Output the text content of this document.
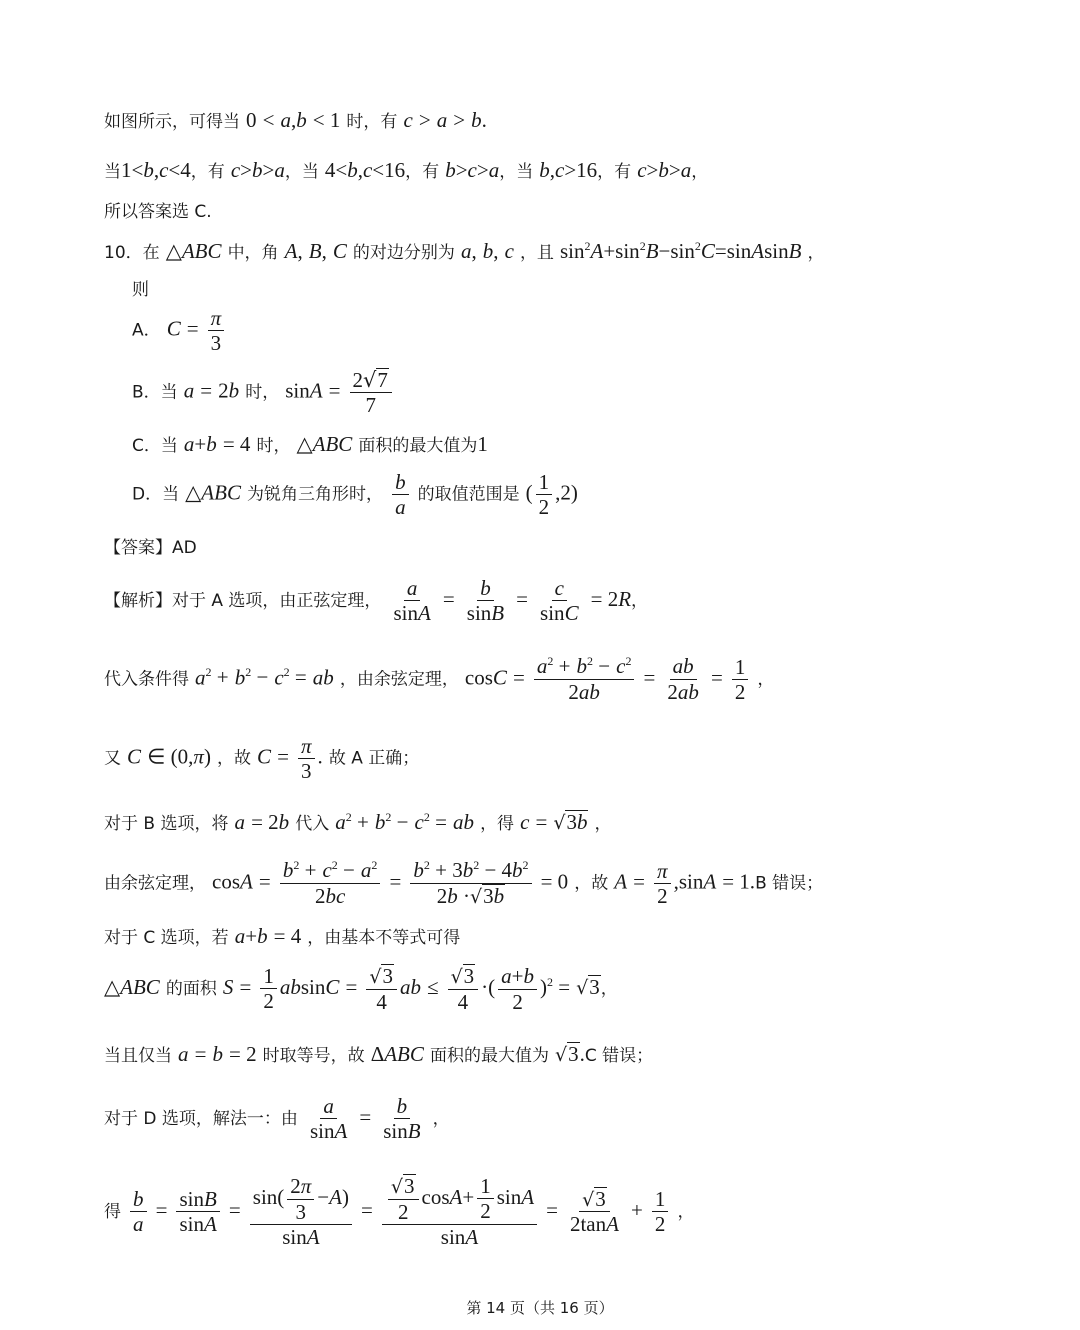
如图所示，可得当 0 < a,b < 1 时，有 c > a > b.
当1<b,c<4，有 c>b>a，当 4<b,c<16，有 b>c>a，当 b,c>16，有 c>b>a，
所以答案选 C.
10．在 △ABC 中，角 A, B, C 的对边分别为 a, b, c ，且 $\sin^2A+\sin^2B-\sin^2C=sinAsinB$ ，
则
A． $C = \frac{\pi}{3}$
B．当 a = 2b 时， $\sin A = \frac{2√7}{7}$
C．当 a+b = 4 时， △ABC 面积的最大值为1
D．当 △ABC 为锐角三角形时， $\frac{b}{a}$ 的取值范围是 ( $\frac{1}{2} ,2$)
【答案】AD
【解析】对于 A 选项，由正弦定理， $\frac{a}{\sin A} = \frac{b}{\sin B} = \frac{c}{\sin C} = 2R$，
代入条件得 $a^2 + b^2 - c^2$ = ab ，由余弦定理， $\cos C = \frac{a^2 + b^2 - c^2}{2ab} = \frac{ab}{2ab} = \frac{1}{2}$ ，
又 C ∈ (0,π) ，故 $C = \frac{\pi}{3}$ . 故 A 正确；
对于 B 选项，将 a = 2b 代入 $a^2 + b^2 - c^2$ = ab ，得 c = √3b ，
由余弦定理， $\cos A = \frac{b^2 + c^2 - a^2}{2bc} = \frac{b^2 + 3b^2 - 4b^2}{2b \cdot√3b} = 0$ ，故 $A = \frac{\pi}{2} ,\sin A = 1.B$ 错误；
对于 C 选项，若 a+b = 4 ，由基本不等式可得
△ABC 的面积 $S = \frac{1}{2}$ $absinC = \frac{√3}{4}$ ab ≤ $\frac{√3}{4}$ ·( $\frac{a+b}{2} )^2 = √3$，
当且仅当 a = b = 2 时取等号，故 ΔABC 面积的最大值为 √3.C 错误；
对于 D 选项，解法一：由 $\frac{a}{\sin A} = \frac{b}{\sin B}$ ，
得 $\frac{b}{a} = \frac{\sin B}{\sin A} = \frac{\sin( \frac{2\pi}{3} -A)}{\sin A} = \frac{\frac{√3}{2} \cos A+ \frac{1}{2} \sin A}{\sin A} = \frac{√3}{2\tan A} + \frac{1}{2}$ ，
第 14 页（共 16 页）
